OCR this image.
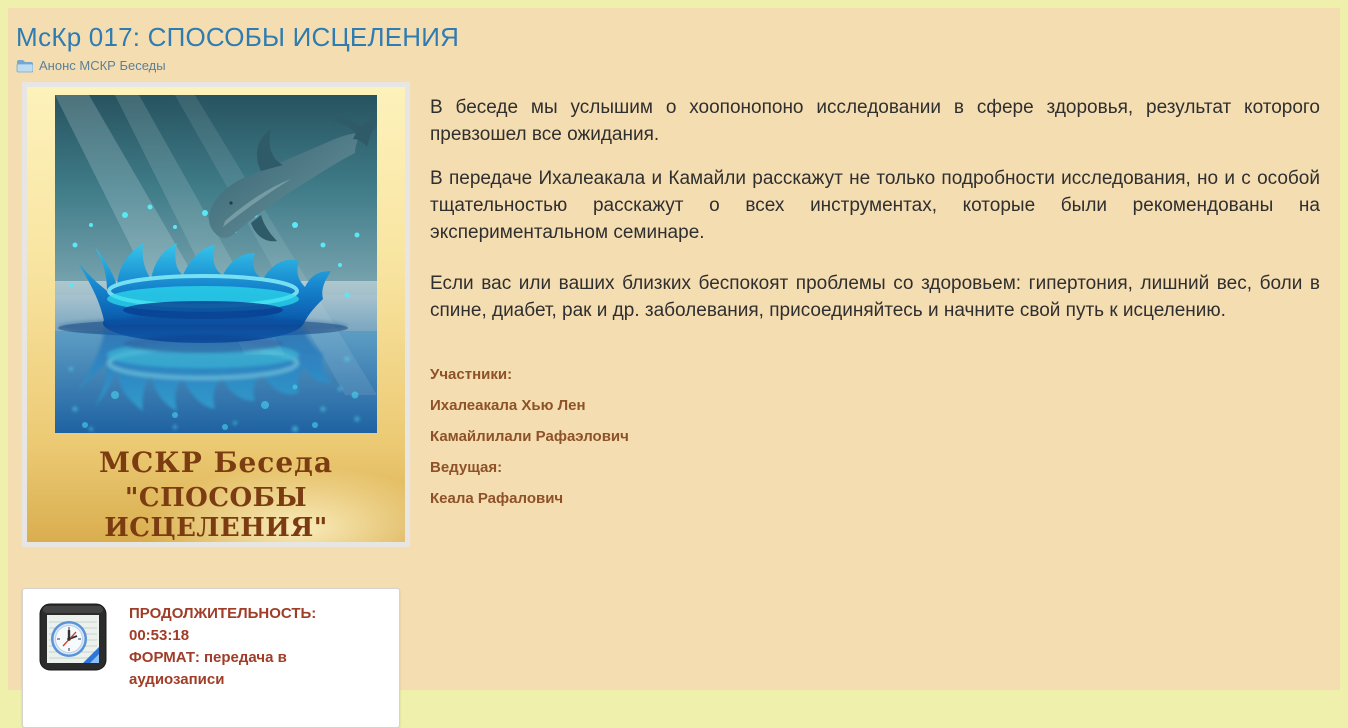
МсКр 017: СПОСОБЫ ИСЦЕЛЕНИЯ
Анонс МСКР Беседы
МСКР Беседа
"СПОСОБЫ ИСЦЕЛЕНИЯ"

В беседе мы услышим о хоопонопоно исследовании в сфере здоровья, результат которого превзошел все ожидания.

В передаче Ихалеакала и Камайли расскажут не только подробности исследования, но и с особой тщательностью расскажут о всех инструментах, которые были рекомендованы на экспериментальном семинаре.

Если вас или ваших близких беспокоят проблемы со здоровьем: гипертония, лишний вес, боли в спине, диабет, рак и др. заболевания, присоединяйтесь и начните свой путь к исцелению.

Участники:

Ихалеакала Хью Лен

Камайлилали Рафаэлович

Ведущая:

Кеала Рафалович

ПРОДОЛЖИТЕЛЬНОСТЬ:
00:53:18
ФОРМАТ: передача в
аудиозаписи
